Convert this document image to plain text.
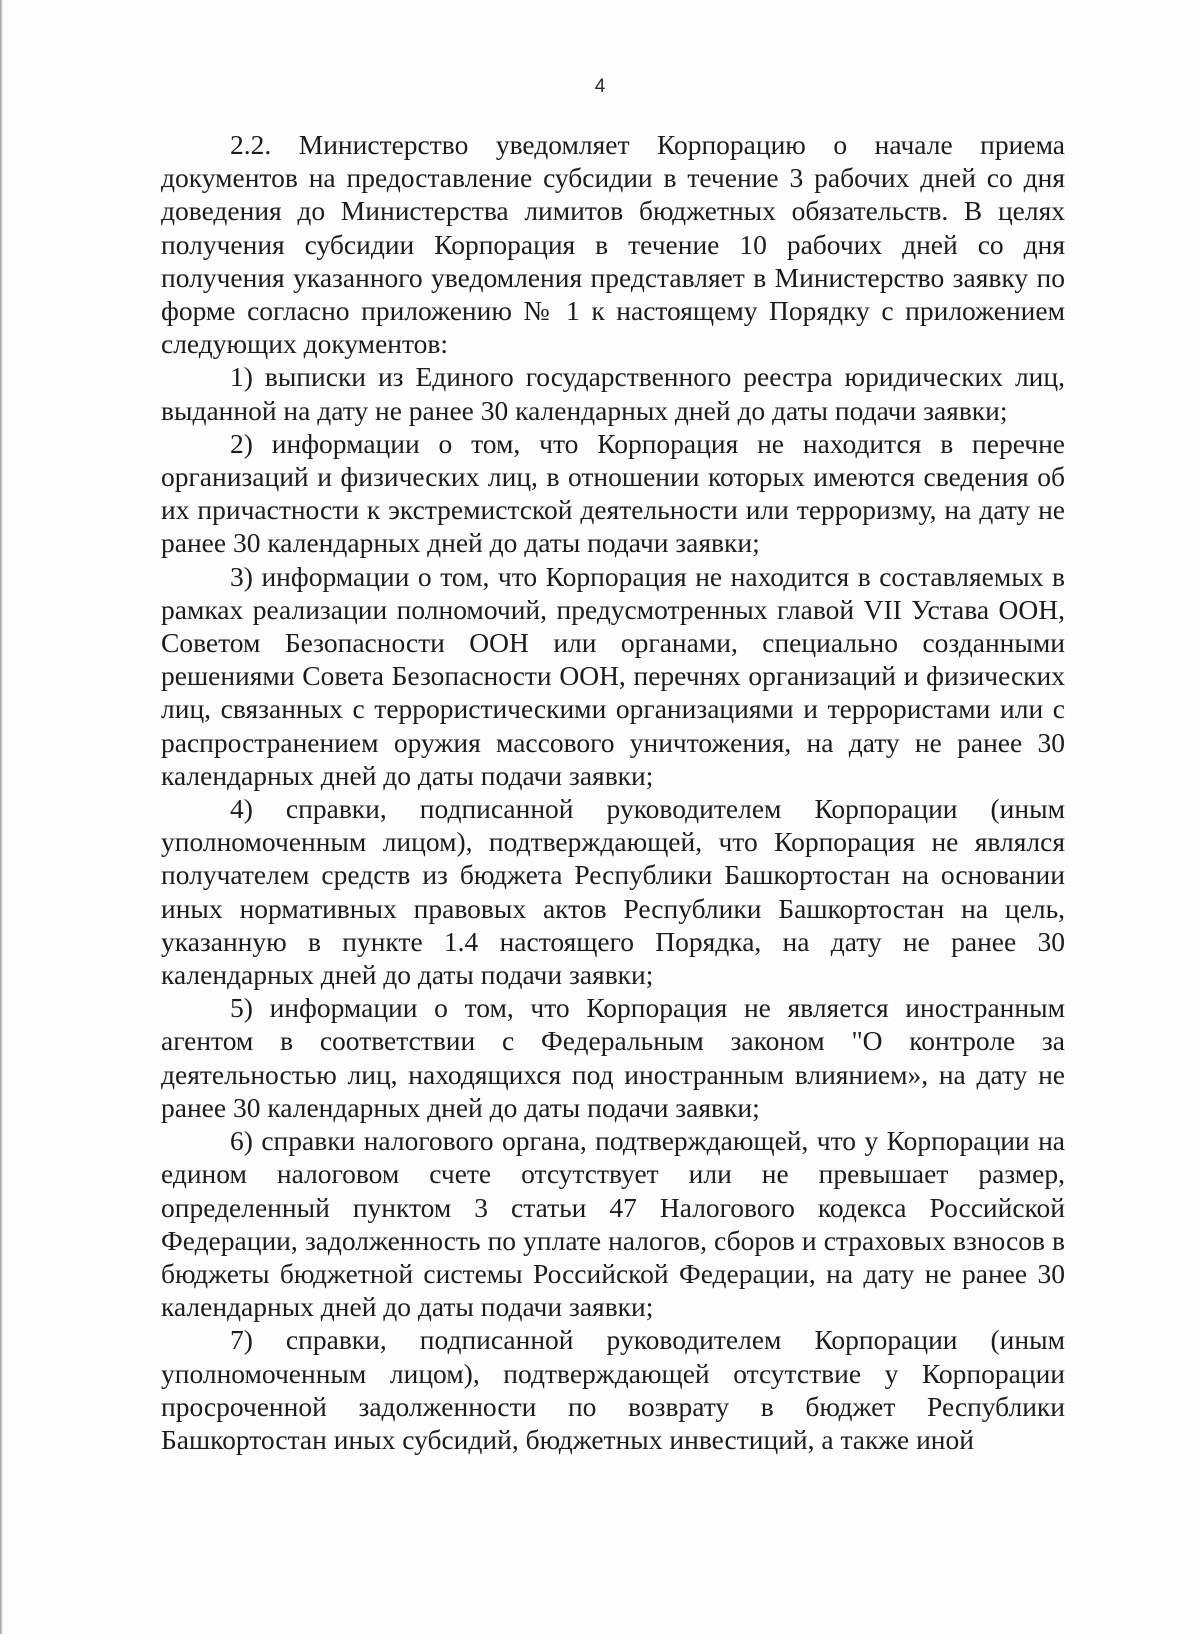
4

2.2. Министерство уведомляет Корпорацию о начале приема документов на предоставление субсидии в течение 3 рабочих дней со дня доведения до Министерства лимитов бюджетных обязательств. В целях получения субсидии Корпорация в течение 10 рабочих дней со дня получения указанного уведомления представляет в Министерство заявку по форме согласно приложению № 1 к настоящему Порядку с приложением следующих документов:

1) выписки из Единого государственного реестра юридических лиц, выданной на дату не ранее 30 календарных дней до даты подачи заявки;

2) информации о том, что Корпорация не находится в перечне организаций и физических лиц, в отношении которых имеются сведения об их причастности к экстремистской деятельности или терроризму, на дату не ранее 30 календарных дней до даты подачи заявки;

3) информации о том, что Корпорация не находится в составляемых в рамках реализации полномочий, предусмотренных главой VII Устава ООН, Советом Безопасности ООН или органами, специально созданными решениями Совета Безопасности ООН, перечнях организаций и физических лиц, связанных с террористическими организациями и террористами или с распространением оружия массового уничтожения, на дату не ранее 30 календарных дней до даты подачи заявки;

4) справки, подписанной руководителем Корпорации (иным уполномоченным лицом), подтверждающей, что Корпорация не являлся получателем средств из бюджета Республики Башкортостан на основании иных нормативных правовых актов Республики Башкортостан на цель, указанную в пункте 1.4 настоящего Порядка, на дату не ранее 30 календарных дней до даты подачи заявки;

5) информации о том, что Корпорация не является иностранным агентом в соответствии с Федеральным законом "О контроле за деятельностью лиц, находящихся под иностранным влиянием», на дату не ранее 30 календарных дней до даты подачи заявки;

6) справки налогового органа, подтверждающей, что у Корпорации на едином налоговом счете отсутствует или не превышает размер, определенный пунктом 3 статьи 47 Налогового кодекса Российской Федерации, задолженность по уплате налогов, сборов и страховых взносов в бюджеты бюджетной системы Российской Федерации, на дату не ранее 30 календарных дней до даты подачи заявки;

7) справки, подписанной руководителем Корпорации (иным уполномоченным лицом), подтверждающей отсутствие у Корпорации просроченной задолженности по возврату в бюджет Республики Башкортостан иных субсидий, бюджетных инвестиций, а также иной
